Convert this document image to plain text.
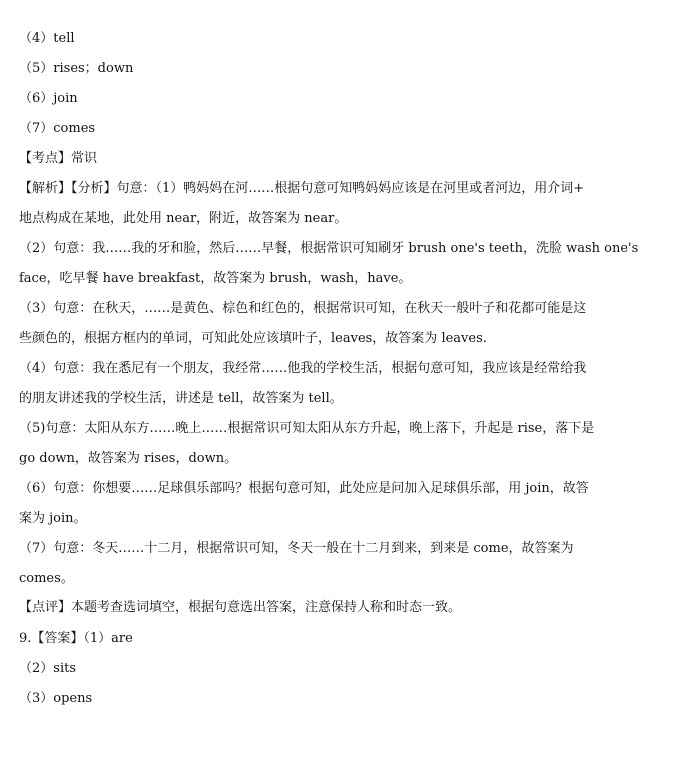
（4）tell
（5）rises；down
（6）join
（7）comes
【考点】常识
【解析】【分析】句意：（1）鸭妈妈在河……根据句意可知鸭妈妈应该是在河里或者河边，用介词+
地点构成在某地，此处用 near，附近，故答案为 near。
（2）句意：我……我的牙和脸，然后……早餐，根据常识可知刷牙 brush one's teeth，洗脸 wash one's
face，吃早餐 have breakfast，故答案为 brush，wash，have。
（3）句意：在秋天，……是黄色、棕色和红色的，根据常识可知，在秋天一般叶子和花都可能是这
些颜色的，根据方框内的单词，可知此处应该填叶子，leaves，故答案为 leaves.
（4）句意：我在悉尼有一个朋友，我经常……他我的学校生活，根据句意可知，我应该是经常给我
的朋友讲述我的学校生活，讲述是 tell，故答案为 tell。
（5)句意：太阳从东方……晚上……根据常识可知太阳从东方升起，晚上落下，升起是 rise，落下是
go down，故答案为 rises，down。
（6）句意：你想要……足球俱乐部吗？根据句意可知，此处应是问加入足球俱乐部，用 join，故答
案为 join。
（7）句意：冬天……十二月，根据常识可知，冬天一般在十二月到来，到来是 come，故答案为
comes。
【点评】本题考查选词填空，根据句意选出答案，注意保持人称和时态一致。
9.【答案】（1）are
（2）sits
（3）opens
